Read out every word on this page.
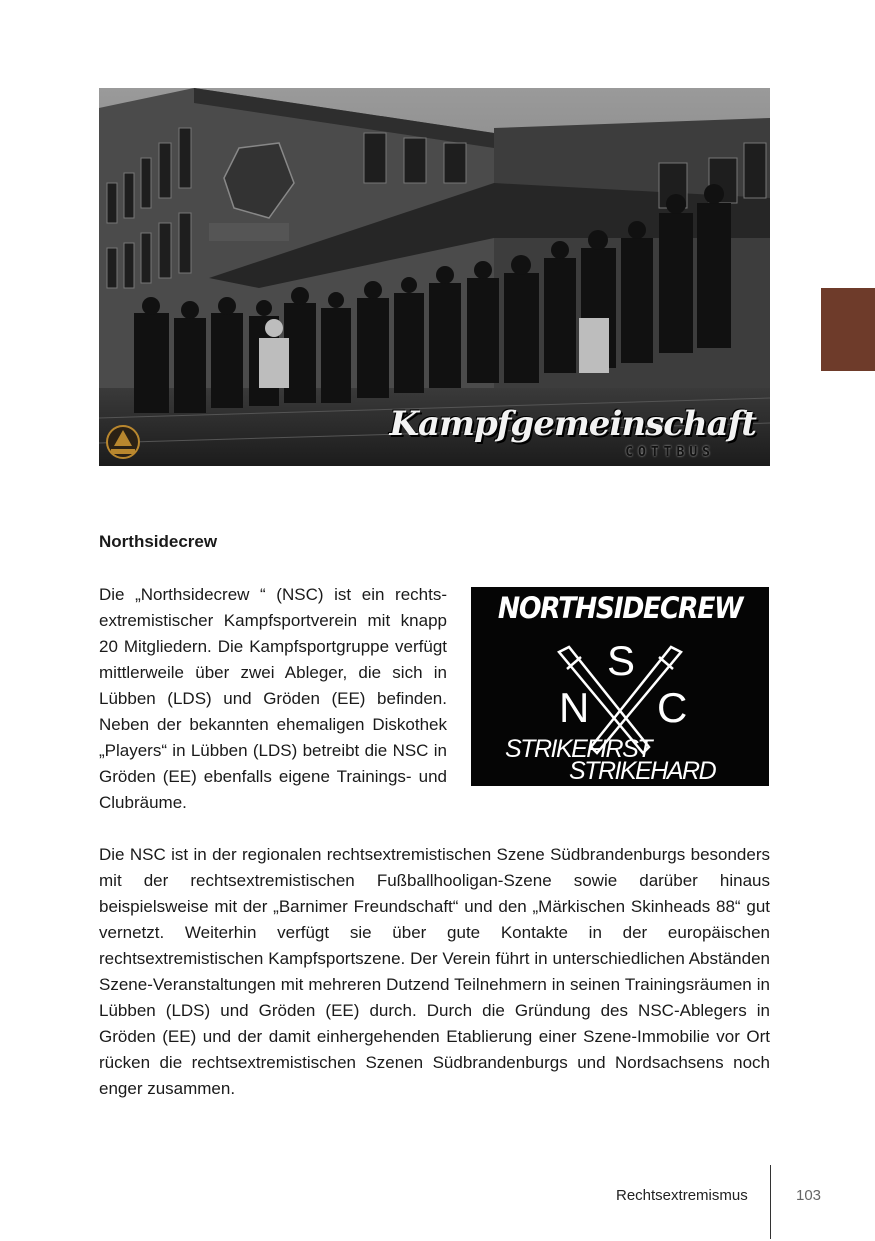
Kampfgemeinschaft
COTTBUS
Northsidecrew

Die „Northsidecrew “ (NSC) ist ein rechtsextremistischer Kampfsportverein mit knapp 20 Mitgliedern. Die Kampfsportgruppe verfügt mittlerweile über zwei Ableger, die sich in Lübben (LDS) und Gröden (EE) befinden. Neben der bekannten ehemaligen Diskothek „Players“ in Lübben (LDS) betreibt die NSC in Gröden (EE) ebenfalls eigene Trainings- und Clubräume.

NORTHSIDECREW
S
N C
STRIKEFIRST
STRIKEHARD

Die NSC ist in der regionalen rechtsextremistischen Szene Südbrandenburgs besonders mit der rechtsextremistischen Fußballhooligan-Szene sowie darüber hinaus beispielsweise mit der „Barnimer Freundschaft“ und den „Märkischen Skinheads 88“ gut vernetzt. Weiterhin verfügt sie über gute Kontakte in der europäischen rechtsextremistischen Kampfsportszene. Der Verein führt in unterschiedlichen Abständen Szene-Veranstaltungen mit mehreren Dutzend Teilnehmern in seinen Trainingsräumen in Lübben (LDS) und Gröden (EE) durch. Durch die Gründung des NSC-Ablegers in Gröden (EE) und der damit einhergehenden Etablierung einer Szene-Immobilie vor Ort rücken die rechtsextremistischen Szenen Südbrandenburgs und Nordsachsens noch enger zusammen.

Rechtsextremismus	103
